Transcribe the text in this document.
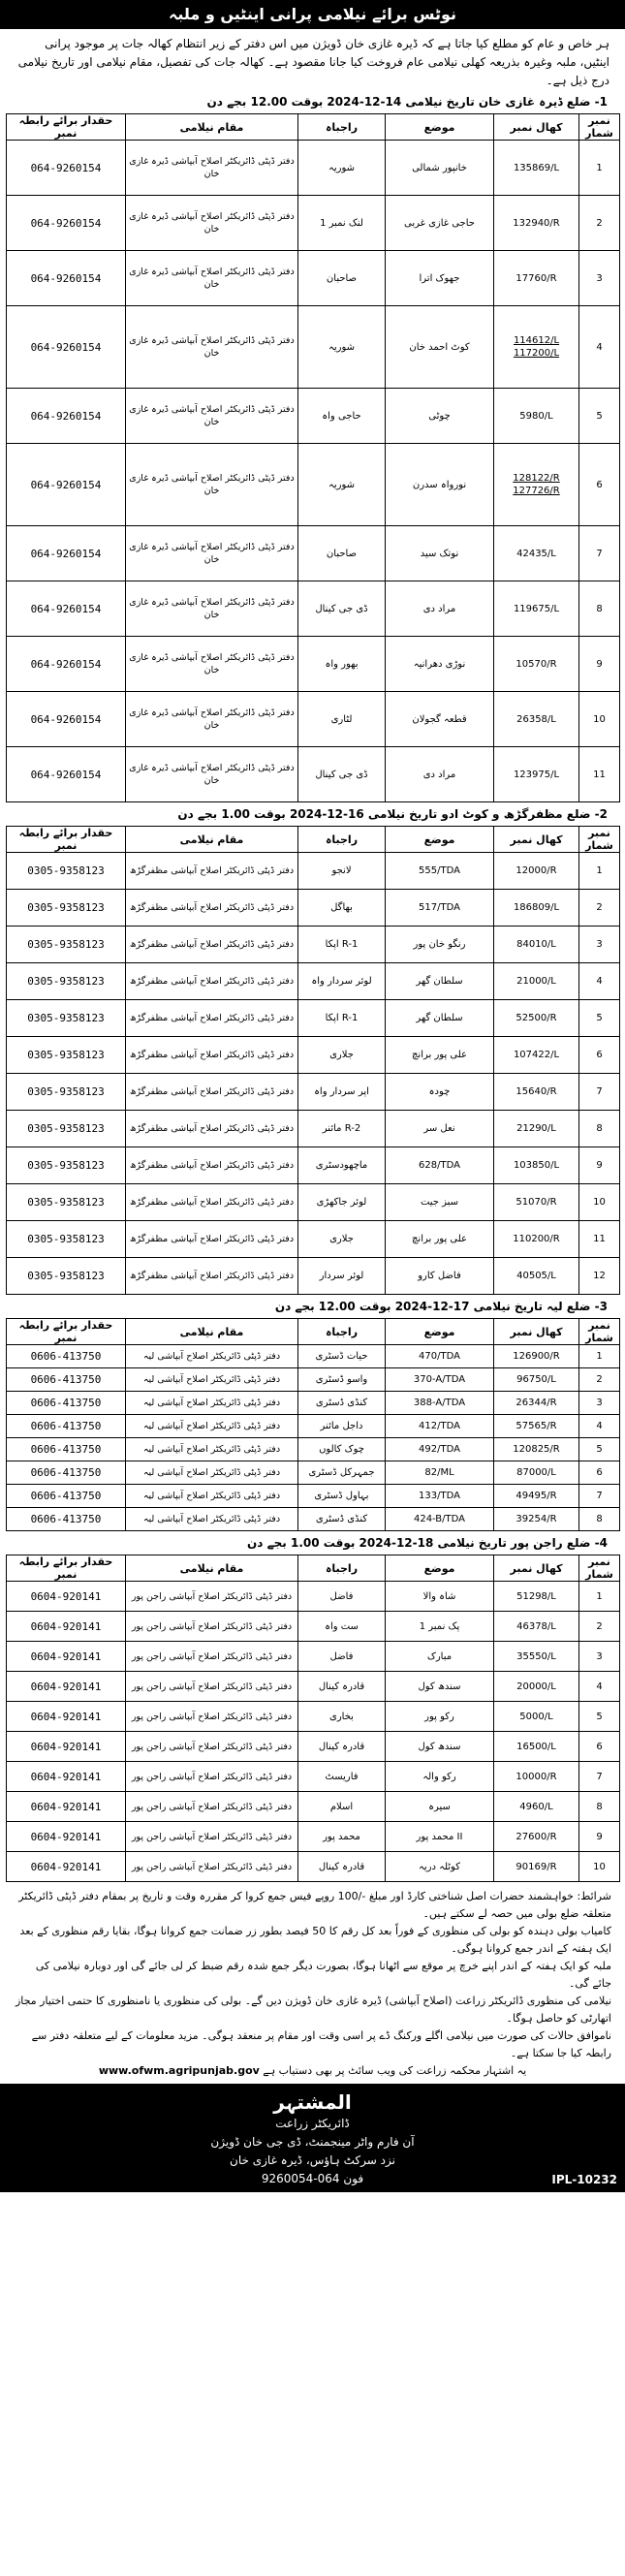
نوٹس برائے نیلامی پرانی اینٹیں و ملبہ
ہر خاص و عام کو مطلع کیا جاتا ہے کہ ڈیرہ غازی خان ڈویژن میں اس دفتر کے زیر انتظام کھالہ جات پر موجود پرانی اینٹیں، ملبہ وغیرہ بذریعہ کھلی نیلامی عام فروخت کیا جانا مقصود ہے۔ کھالہ جات کی تفصیل، مقام نیلامی اور تاریخ نیلامی درج ذیل ہے۔
1- ضلع ڈیرہ غازی خان تاریخ نیلامی 14-12-2024 بوقت 12.00 بجے دن
نمبر شمار	کھال نمبر	موضع	راجباہ	مقام نیلامی	حقدار برائے رابطہ نمبر
1	135869/L	خانپور شمالی	شوریہ	دفتر ڈپٹی ڈائریکٹر اصلاح آبپاشی ڈیرہ غازی خان	064-9260154
2	132940/R	حاجی غازی غربی	لنک نمبر 1	دفتر ڈپٹی ڈائریکٹر اصلاح آبپاشی ڈیرہ غازی خان	064-9260154
3	17760/R	جھوک اترا	صاحبان	دفتر ڈپٹی ڈائریکٹر اصلاح آبپاشی ڈیرہ غازی خان	064-9260154
4	114612/L
117200/L	کوٹ احمد خان	شوریہ	دفتر ڈپٹی ڈائریکٹر اصلاح آبپاشی ڈیرہ غازی خان	064-9260154
5	5980/L	چوٹی	حاجی واہ	دفتر ڈپٹی ڈائریکٹر اصلاح آبپاشی ڈیرہ غازی خان	064-9260154
6	128122/R
127726/R	نورواہ سدرن	شوریہ	دفتر ڈپٹی ڈائریکٹر اصلاح آبپاشی ڈیرہ غازی خان	064-9260154
7	42435/L	نوتک سید	صاحبان	دفتر ڈپٹی ڈائریکٹر اصلاح آبپاشی ڈیرہ غازی خان	064-9260154
8	119675/L	مراد دی	ڈی جی کینال	دفتر ڈپٹی ڈائریکٹر اصلاح آبپاشی ڈیرہ غازی خان	064-9260154
9	10570/R	نوڑی دھرانیہ	بھور واہ	دفتر ڈپٹی ڈائریکٹر اصلاح آبپاشی ڈیرہ غازی خان	064-9260154
10	26358/L	قطعہ گجولان	لٹاری	دفتر ڈپٹی ڈائریکٹر اصلاح آبپاشی ڈیرہ غازی خان	064-9260154
11	123975/L	مراد دی	ڈی جی کینال	دفتر ڈپٹی ڈائریکٹر اصلاح آبپاشی ڈیرہ غازی خان	064-9260154
2- ضلع مظفرگڑھ و کوٹ ادو تاریخ نیلامی 16-12-2024 بوقت 1.00 بجے دن
نمبر شمار	کھال نمبر	موضع	راجباہ	مقام نیلامی	حقدار برائے رابطہ نمبر
1	12000/R	555/TDA	لانجو	دفتر ڈپٹی ڈائریکٹر اصلاح آبپاشی مظفرگڑھ	0305-9358123
2	186809/L	517/TDA	بھاگل	دفتر ڈپٹی ڈائریکٹر اصلاح آبپاشی مظفرگڑھ	0305-9358123
3	84010/L	رنگو خان پور	R-1 اپکا	دفتر ڈپٹی ڈائریکٹر اصلاح آبپاشی مظفرگڑھ	0305-9358123
4	21000/L	سلطان گھر	لوئر سردار واہ	دفتر ڈپٹی ڈائریکٹر اصلاح آبپاشی مظفرگڑھ	0305-9358123
5	52500/R	سلطان گھر	R-1 اپکا	دفتر ڈپٹی ڈائریکٹر اصلاح آبپاشی مظفرگڑھ	0305-9358123
6	107422/L	علی پور برانچ	جلاری	دفتر ڈپٹی ڈائریکٹر اصلاح آبپاشی مظفرگڑھ	0305-9358123
7	15640/R	چودہ	اپر سردار واہ	دفتر ڈپٹی ڈائریکٹر اصلاح آبپاشی مظفرگڑھ	0305-9358123
8	21290/L	نعل سر	R-2 مائنر	دفتر ڈپٹی ڈائریکٹر اصلاح آبپاشی مظفرگڑھ	0305-9358123
9	103850/L	628/TDA	ماچھودسٹری	دفتر ڈپٹی ڈائریکٹر اصلاح آبپاشی مظفرگڑھ	0305-9358123
10	51070/R	سبز جیت	لوئر جاکھڑی	دفتر ڈپٹی ڈائریکٹر اصلاح آبپاشی مظفرگڑھ	0305-9358123
11	110200/R	علی پور برانچ	جلاری	دفتر ڈپٹی ڈائریکٹر اصلاح آبپاشی مظفرگڑھ	0305-9358123
12	40505/L	فاضل کارو	لوئر سردار	دفتر ڈپٹی ڈائریکٹر اصلاح آبپاشی مظفرگڑھ	0305-9358123
3- ضلع لیہ تاریخ نیلامی 17-12-2024 بوقت 12.00 بجے دن
نمبر شمار	کھال نمبر	موضع	راجباہ	مقام نیلامی	حقدار برائے رابطہ نمبر
1	126900/R	470/TDA	حیات ڈسٹری	دفتر ڈپٹی ڈائریکٹر اصلاح آبپاشی لیہ	0606-413750
2	96750/L	370-A/TDA	واسو ڈسٹری	دفتر ڈپٹی ڈائریکٹر اصلاح آبپاشی لیہ	0606-413750
3	26344/R	388-A/TDA	کنڈی ڈسٹری	دفتر ڈپٹی ڈائریکٹر اصلاح آبپاشی لیہ	0606-413750
4	57565/R	412/TDA	داجل مائنر	دفتر ڈپٹی ڈائریکٹر اصلاح آبپاشی لیہ	0606-413750
5	120825/R	492/TDA	چوک کالوں	دفتر ڈپٹی ڈائریکٹر اصلاح آبپاشی لیہ	0606-413750
6	87000/L	82/ML	جمہرکل ڈسٹری	دفتر ڈپٹی ڈائریکٹر اصلاح آبپاشی لیہ	0606-413750
7	49495/R	133/TDA	بہاول ڈسٹری	دفتر ڈپٹی ڈائریکٹر اصلاح آبپاشی لیہ	0606-413750
8	39254/R	424-B/TDA	کنڈی ڈسٹری	دفتر ڈپٹی ڈائریکٹر اصلاح آبپاشی لیہ	0606-413750
4- ضلع راجن پور تاریخ نیلامی 18-12-2024 بوقت 1.00 بجے دن
نمبر شمار	کھال نمبر	موضع	راجباہ	مقام نیلامی	حقدار برائے رابطہ نمبر
1	51298/L	شاہ والا	فاضل	دفتر ڈپٹی ڈائریکٹر اصلاح آبپاشی راجن پور	0604-920141
2	46378/L	پک نمبر 1	ست واہ	دفتر ڈپٹی ڈائریکٹر اصلاح آبپاشی راجن پور	0604-920141
3	35550/L	مبارک	فاضل	دفتر ڈپٹی ڈائریکٹر اصلاح آبپاشی راجن پور	0604-920141
4	20000/L	سندھ کول	قادرہ کینال	دفتر ڈپٹی ڈائریکٹر اصلاح آبپاشی راجن پور	0604-920141
5	5000/L	رکو پور	بخاری	دفتر ڈپٹی ڈائریکٹر اصلاح آبپاشی راجن پور	0604-920141
6	16500/L	سندھ کول	قادرہ کینال	دفتر ڈپٹی ڈائریکٹر اصلاح آبپاشی راجن پور	0604-920141
7	10000/R	رکو والہ	فاریسٹ	دفتر ڈپٹی ڈائریکٹر اصلاح آبپاشی راجن پور	0604-920141
8	4960/L	سیرہ	اسلام	دفتر ڈپٹی ڈائریکٹر اصلاح آبپاشی راجن پور	0604-920141
9	27600/R	محمد پور II	محمد پور	دفتر ڈپٹی ڈائریکٹر اصلاح آبپاشی راجن پور	0604-920141
10	90169/R	کوٹلہ دریہ	قادرہ کینال	دفتر ڈپٹی ڈائریکٹر اصلاح آبپاشی راجن پور	0604-920141

شرائط: خواہشمند حضرات اصل شناختی کارڈ اور مبلغ -/100 روپے فیس جمع کروا کر مقررہ وقت و تاریخ پر بمقام دفتر ڈپٹی ڈائریکٹر متعلقہ ضلع بولی میں حصہ لے سکتے ہیں۔

کامیاب بولی دہندہ کو بولی کی منظوری کے فوراً بعد کل رقم کا 50 فیصد بطور زر ضمانت جمع کروانا ہوگا، بقایا رقم منظوری کے بعد ایک ہفتہ کے اندر جمع کروانا ہوگی۔

ملبہ کو ایک ہفتہ کے اندر اپنے خرچ پر موقع سے اٹھانا ہوگا، بصورت دیگر جمع شدہ رقم ضبط کر لی جائے گی اور دوبارہ نیلامی کی جائے گی۔

نیلامی کی منظوری ڈائریکٹر زراعت (اصلاح آبپاشی) ڈیرہ غازی خان ڈویژن دیں گے۔ بولی کی منظوری یا نامنظوری کا حتمی اختیار مجاز اتھارٹی کو حاصل ہوگا۔

ناموافق حالات کی صورت میں نیلامی اگلے ورکنگ ڈے پر اسی وقت اور مقام پر منعقد ہوگی۔ مزید معلومات کے لیے متعلقہ دفتر سے رابطہ کیا جا سکتا ہے۔

یہ اشتہار محکمہ زراعت کی ویب سائٹ پر بھی دستیاب ہے www.ofwm.agripunjab.gov
المشتہر
ڈائریکٹر زراعت
آن فارم واٹر مینجمنٹ، ڈی جی خان ڈویژن
نزد سرکٹ ہاؤس، ڈیرہ غازی خان
فون 064-9260054	IPL-10232
